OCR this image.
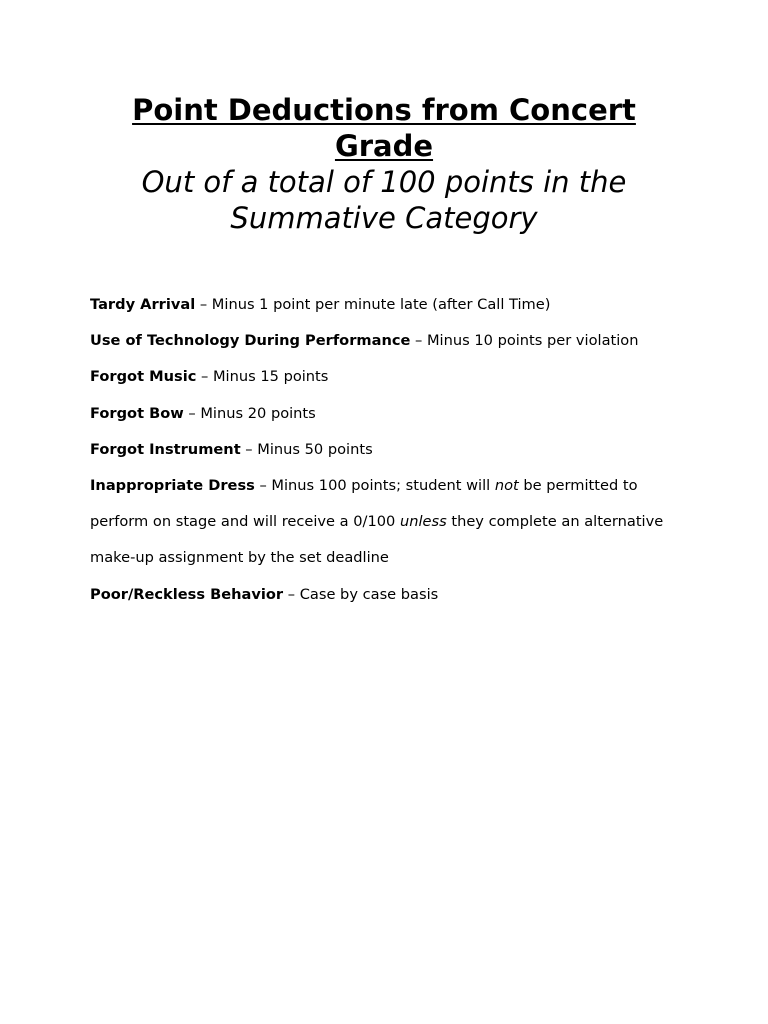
Point Deductions from Concert Grade
Out of a total of 100 points in the Summative Category
Tardy Arrival – Minus 1 point per minute late (after Call Time)
Use of Technology During Performance – Minus 10 points per violation
Forgot Music – Minus 15 points
Forgot Bow – Minus 20 points
Forgot Instrument – Minus 50 points
Inappropriate Dress – Minus 100 points; student will not be permitted to perform on stage and will receive a 0/100 unless they complete an alternative make-up assignment by the set deadline
Poor/Reckless Behavior – Case by case basis
